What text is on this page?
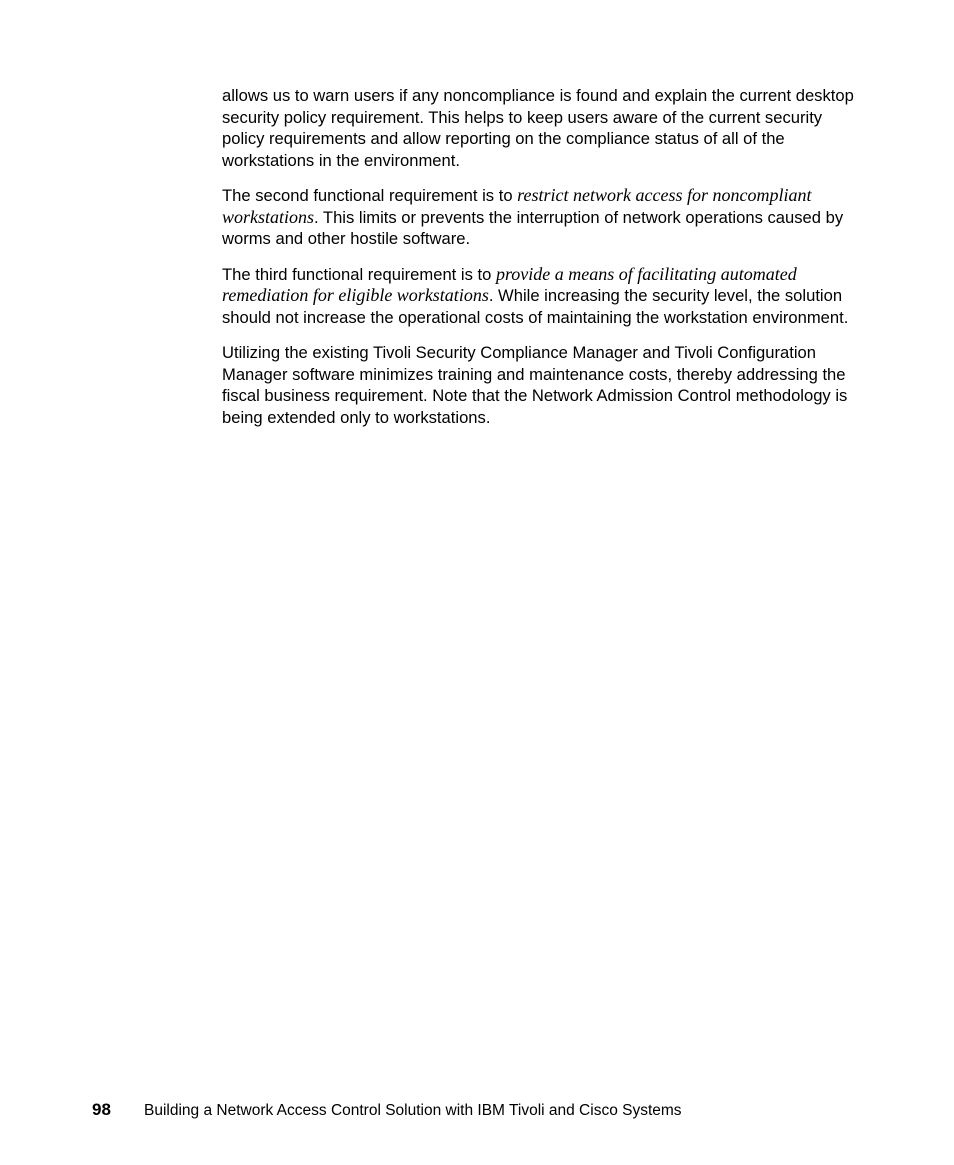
allows us to warn users if any noncompliance is found and explain the current desktop security policy requirement. This helps to keep users aware of the current security policy requirements and allow reporting on the compliance status of all of the workstations in the environment.

The second functional requirement is to restrict network access for noncompliant workstations. This limits or prevents the interruption of network operations caused by worms and other hostile software.

The third functional requirement is to provide a means of facilitating automated remediation for eligible workstations. While increasing the security level, the solution should not increase the operational costs of maintaining the workstation environment.

Utilizing the existing Tivoli Security Compliance Manager and Tivoli Configuration Manager software minimizes training and maintenance costs, thereby addressing the fiscal business requirement. Note that the Network Admission Control methodology is being extended only to workstations.

98 Building a Network Access Control Solution with IBM Tivoli and Cisco Systems
